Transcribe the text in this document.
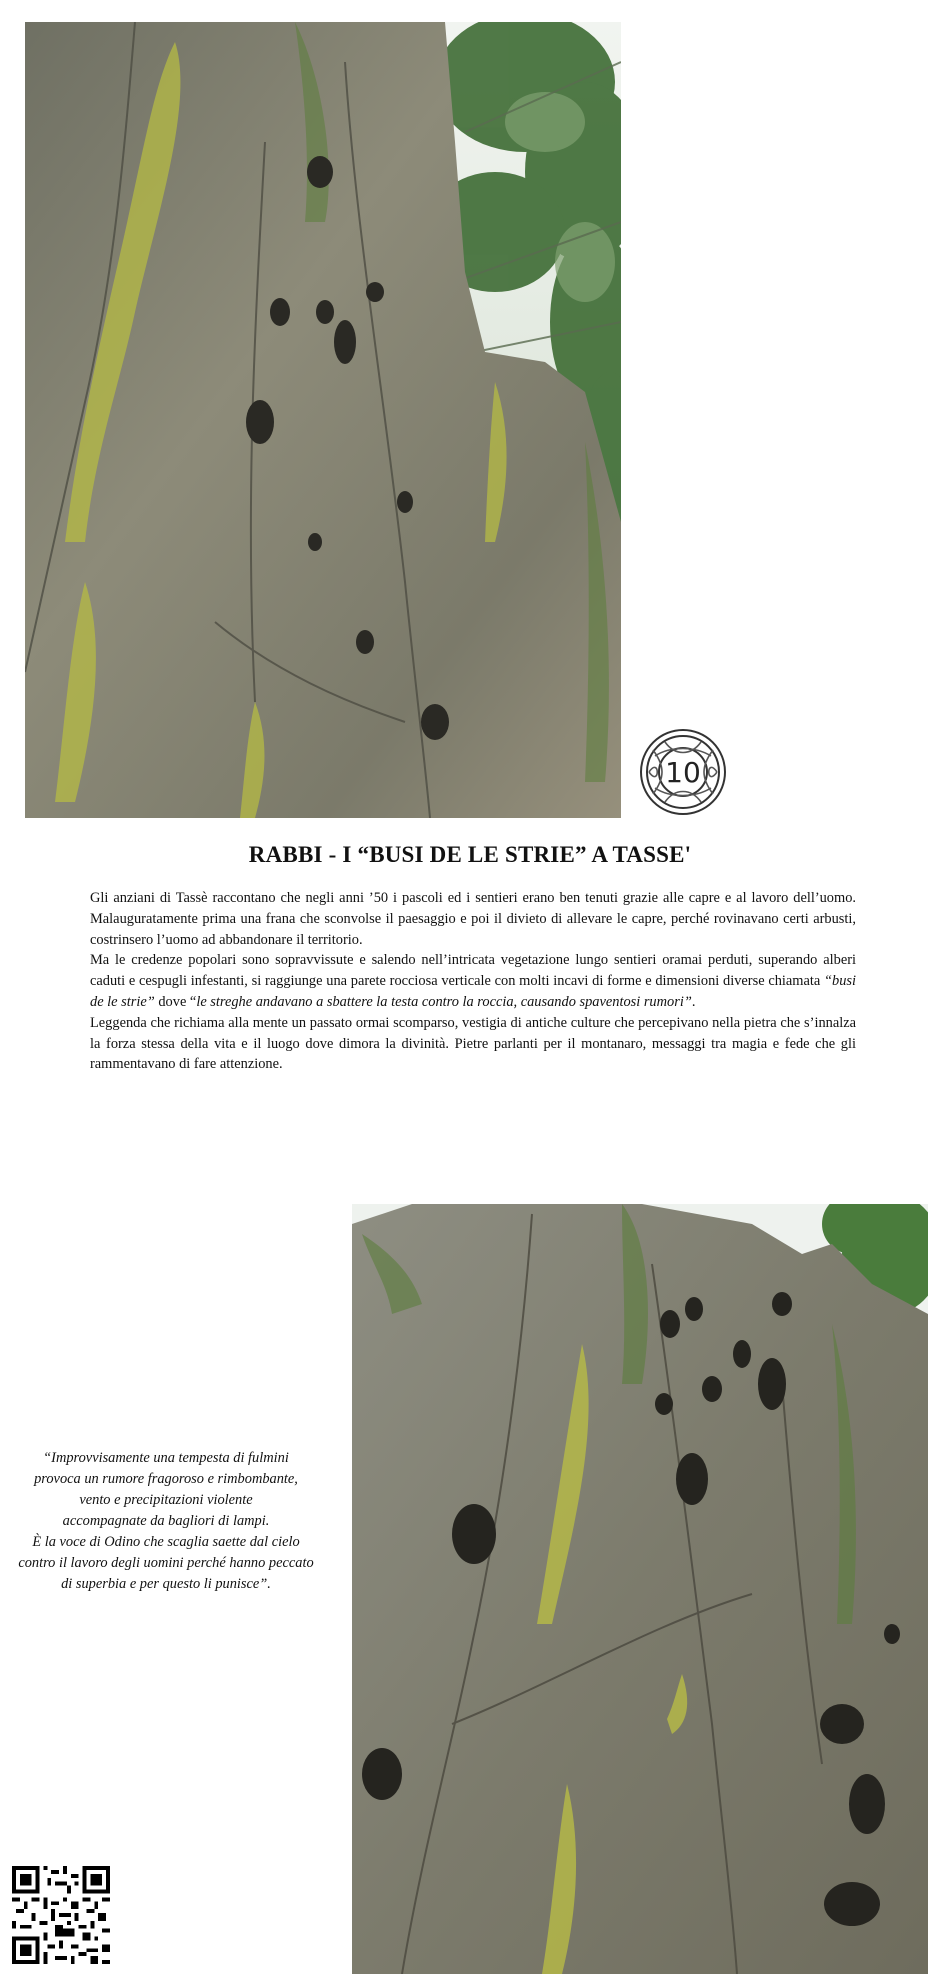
10
RABBI - I “BUSI DE LE STRIE” A TASSE'

Gli anziani di Tassè raccontano che negli anni ’50 i pascoli ed i sentieri erano ben tenuti grazie alle capre e al lavoro dell’uomo. Malauguratamente prima una frana che sconvolse il paesaggio e poi il divieto di allevare le capre, perché rovinavano certi arbusti, costrinsero l’uomo ad abbandonare il territorio.

Ma le credenze popolari sono sopravvissute e salendo nell’intricata vegetazione lungo sentieri oramai perduti, superando alberi caduti e cespugli infestanti, si raggiunge una parete rocciosa verticale con molti incavi di forme e dimensioni diverse chiamata “busi de le strie” dove “le streghe andavano a sbattere la testa contro la roccia, causando spaventosi rumori”.

Leggenda che richiama alla mente un passato ormai scomparso, vestigia di antiche culture che percepivano nella pietra che s’innalza la forza stessa della vita e il luogo dove dimora la divinità. Pietre parlanti per il montanaro, messaggi tra magia e fede che gli rammentavano di fare attenzione.

“Improvvisamente una tempesta di fulmini
provoca un rumore fragoroso e rimbombante,
vento e precipitazioni violente
accompagnate da bagliori di lampi.
È la voce di Odino che scaglia saette dal cielo
contro il lavoro degli uomini perché hanno peccato
di superbia e per questo li punisce”.
